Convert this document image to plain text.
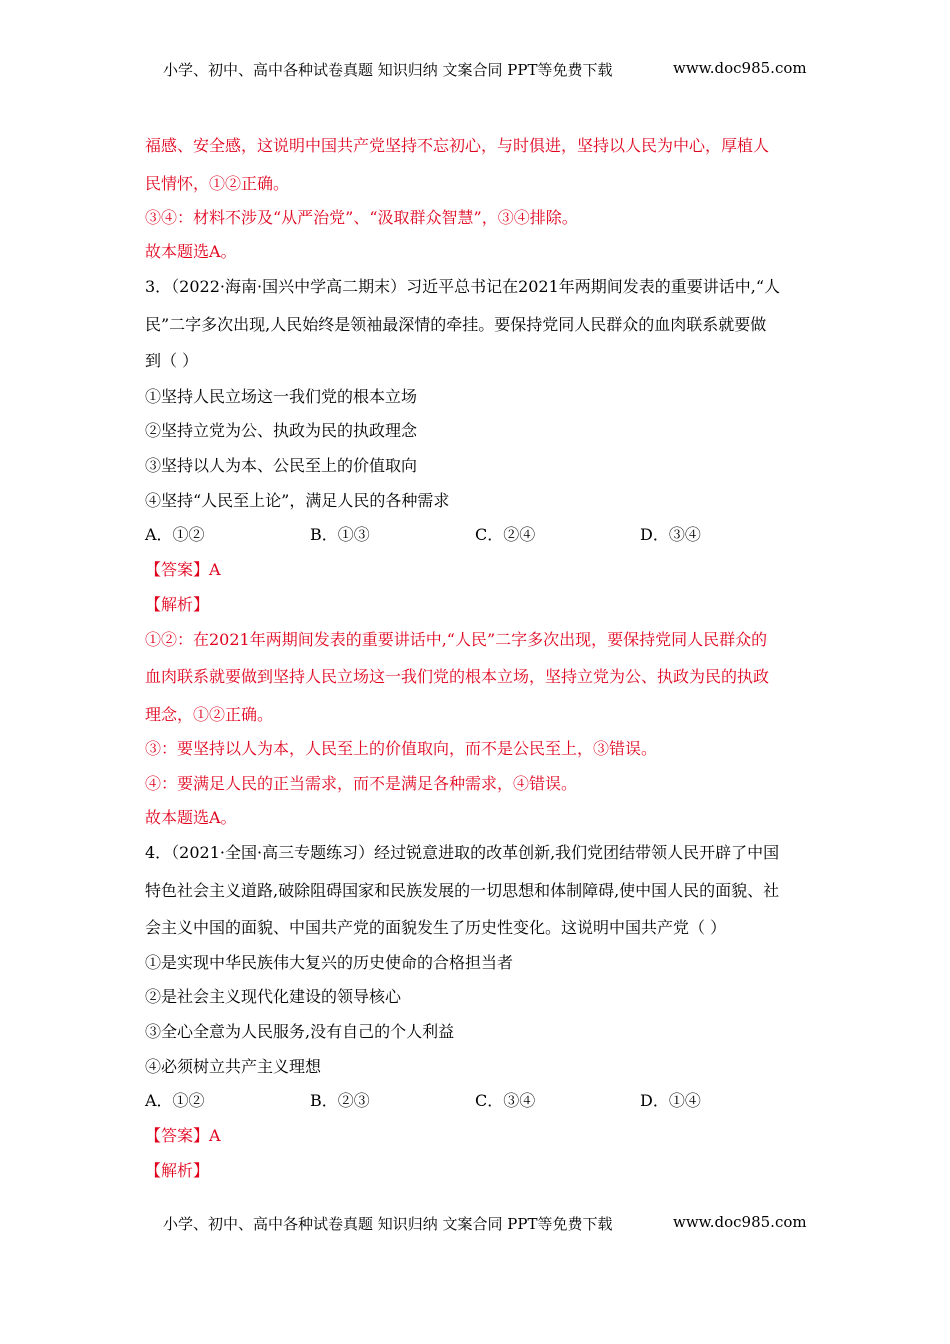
小学、初中、高中各种试卷真题 知识归纳 文案合同 PPT等免费下载	www.doc985.com
福感、安全感，这说明中国共产党坚持不忘初心，与时俱进，坚持以人民为中心，厚植人
民情怀，①②正确。
③④：材料不涉及“从严治党”、“汲取群众智慧”，③④排除。
故本题选A。
3．（2022·海南·国兴中学高二期末）习近平总书记在2021年两期间发表的重要讲话中,“人
民”二字多次出现,人民始终是领袖最深情的牵挂。要保持党同人民群众的血肉联系就要做
到（ ）
①坚持人民立场这一我们党的根本立场
②坚持立党为公、执政为民的执政理念
③坚持以人为本、公民至上的价值取向
④坚持“人民至上论”，满足人民的各种需求
A．①②	B．①③	C．②④	D．③④
【答案】A
【解析】
①②：在2021年两期间发表的重要讲话中,“人民”二字多次出现，要保持党同人民群众的
血肉联系就要做到坚持人民立场这一我们党的根本立场，坚持立党为公、执政为民的执政
理念，①②正确。
③：要坚持以人为本，人民至上的价值取向，而不是公民至上，③错误。
④：要满足人民的正当需求，而不是满足各种需求，④错误。
故本题选A。
4．（2021·全国·高三专题练习）经过锐意进取的改革创新,我们党团结带领人民开辟了中国
特色社会主义道路,破除阻碍国家和民族发展的一切思想和体制障碍,使中国人民的面貌、社
会主义中国的面貌、中国共产党的面貌发生了历史性变化。这说明中国共产党（ ）
①是实现中华民族伟大复兴的历史使命的合格担当者
②是社会主义现代化建设的领导核心
③全心全意为人民服务,没有自己的个人利益
④必须树立共产主义理想
A．①②	B．②③	C．③④	D．①④
【答案】A
【解析】
小学、初中、高中各种试卷真题 知识归纳 文案合同 PPT等免费下载	www.doc985.com
